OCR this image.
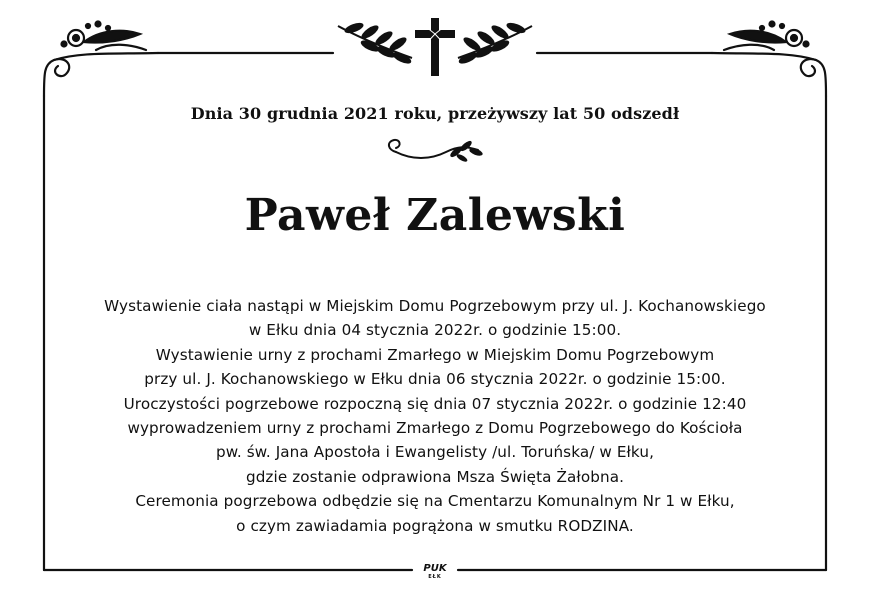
Dnia 30 grudnia 2021 roku, przeżywszy lat 50 odszedł
Paweł Zalewski
Wystawienie ciała nastąpi w Miejskim Domu Pogrzebowym przy ul. J. Kochanowskiego
w Ełku dnia 04 stycznia 2022r. o godzinie 15:00.
Wystawienie urny z prochami Zmarłego w Miejskim Domu Pogrzebowym
przy ul. J. Kochanowskiego w Ełku dnia 06 stycznia 2022r. o godzinie 15:00.
Uroczystości pogrzebowe rozpoczną się dnia 07 stycznia 2022r. o godzinie 12:40
wyprowadzeniem urny z prochami Zmarłego z Domu Pogrzebowego do Kościoła
pw. św. Jana Apostoła i Ewangelisty /ul. Toruńska/ w Ełku,
gdzie zostanie odprawiona Msza Święta Żałobna.
Ceremonia pogrzebowa odbędzie się na Cmentarzu Komunalnym Nr 1 w Ełku,
o czym zawiadamia pogrążona w smutku RODZINA.
PUK
EŁK
